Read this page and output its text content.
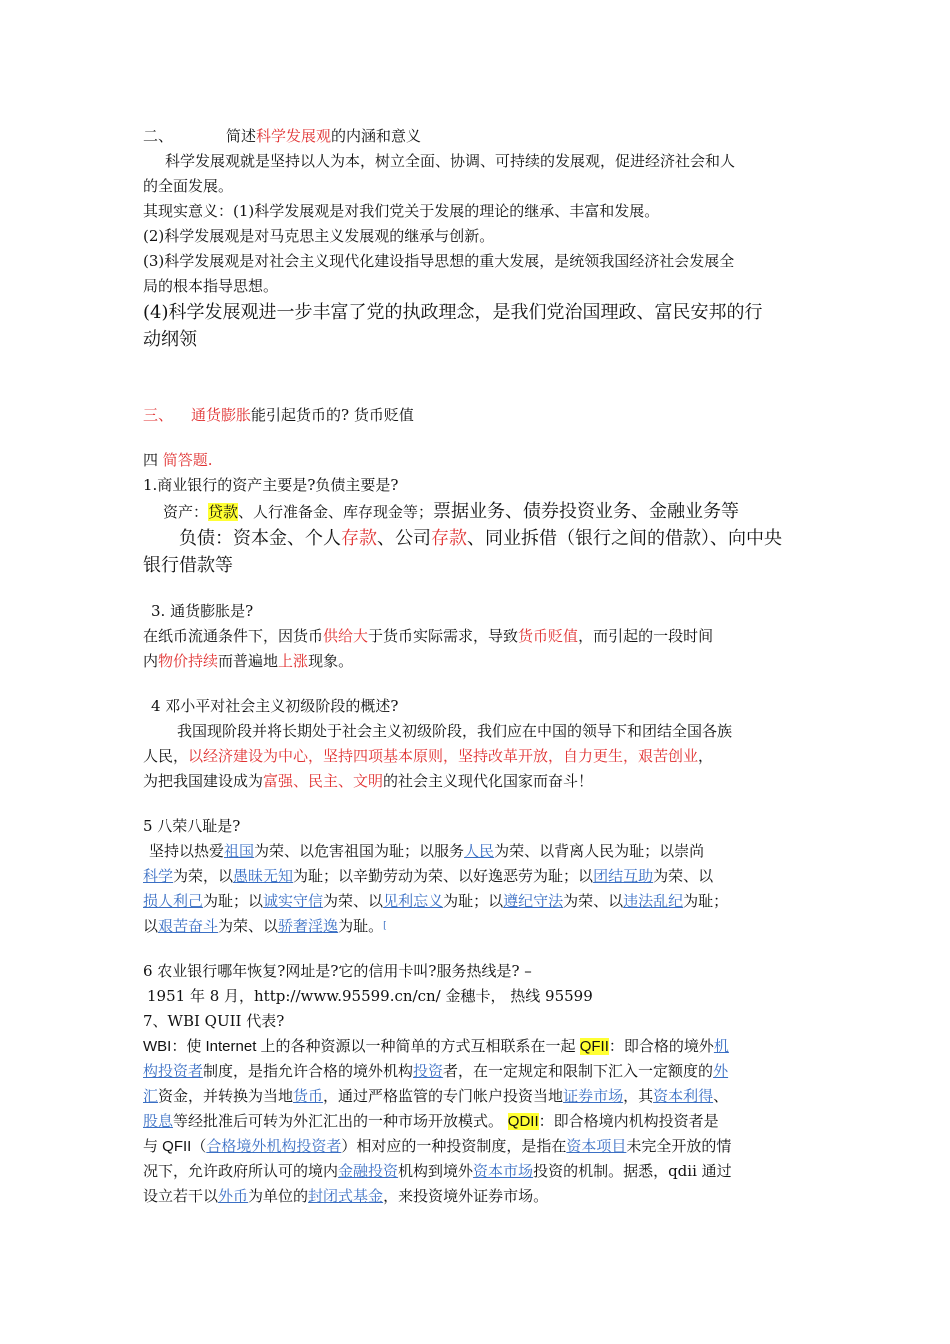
二、	简述科学发展观的内涵和意义

科学发展观就是坚持以人为本，树立全面、协调、可持续的发展观，促进经济社会和人

的全面发展。

其现实意义：(1)科学发展观是对我们党关于发展的理论的继承、丰富和发展。

(2)科学发展观是对马克思主义发展观的继承与创新。

(3)科学发展观是对社会主义现代化建设指导思想的重大发展，是统领我国经济社会发展全

局的根本指导思想。

(4)科学发展观进一步丰富了党的执政理念，是我们党治国理政、富民安邦的行

动纲领

三、 通货膨胀能引起货币的? 货币贬值

四 简答题.

1.商业银行的资产主要是?负债主要是?

资产：贷款、人行准备金、库存现金等；票据业务、债券投资业务、金融业务等

负债：资本金、个人存款、公司存款、同业拆借（银行之间的借款）、向中央

银行借款等

3. 通货膨胀是?

在纸币流通条件下，因货币供给大于货币实际需求，导致货币贬值，而引起的一段时间

内物价持续而普遍地上涨现象。

4 邓小平对社会主义初级阶段的概述?

我国现阶段并将长期处于社会主义初级阶段，我们应在中国的领导下和团结全国各族

人民，以经济建设为中心，坚持四项基本原则，坚持改革开放，自力更生，艰苦创业，

为把我国建设成为富强、民主、文明的社会主义现代化国家而奋斗！

5 八荣八耻是?

坚持以热爱祖国为荣、以危害祖国为耻；以服务人民为荣、以背离人民为耻；以崇尚

科学为荣，以愚昧无知为耻；以辛勤劳动为荣、以好逸恶劳为耻；以团结互助为荣、以

损人利己为耻；以诚实守信为荣、以见利忘义为耻；以遵纪守法为荣、以违法乱纪为耻；

以艰苦奋斗为荣、以骄奢淫逸为耻。[

6 农业银行哪年恢复?网址是?它的信用卡叫?服务热线是? –

1951 年 8 月，http://www.95599.cn/cn/ 金穗卡， 热线 95599

7、WBI QUII 代表?

WBI：使 Internet 上的各种资源以一种简单的方式互相联系在一起 QFII：即合格的境外机

构投资者制度，是指允许合格的境外机构投资者，在一定规定和限制下汇入一定额度的外

汇资金，并转换为当地货币，通过严格监管的专门帐户投资当地证券市场，其资本利得、

股息等经批准后可转为外汇汇出的一种市场开放模式。 QDII：即合格境内机构投资者是

与 QFII（合格境外机构投资者）相对应的一种投资制度，是指在资本项目未完全开放的情

况下，允许政府所认可的境内金融投资机构到境外资本市场投资的机制。据悉，qdii 通过

设立若干以外币为单位的封闭式基金，来投资境外证券市场。
